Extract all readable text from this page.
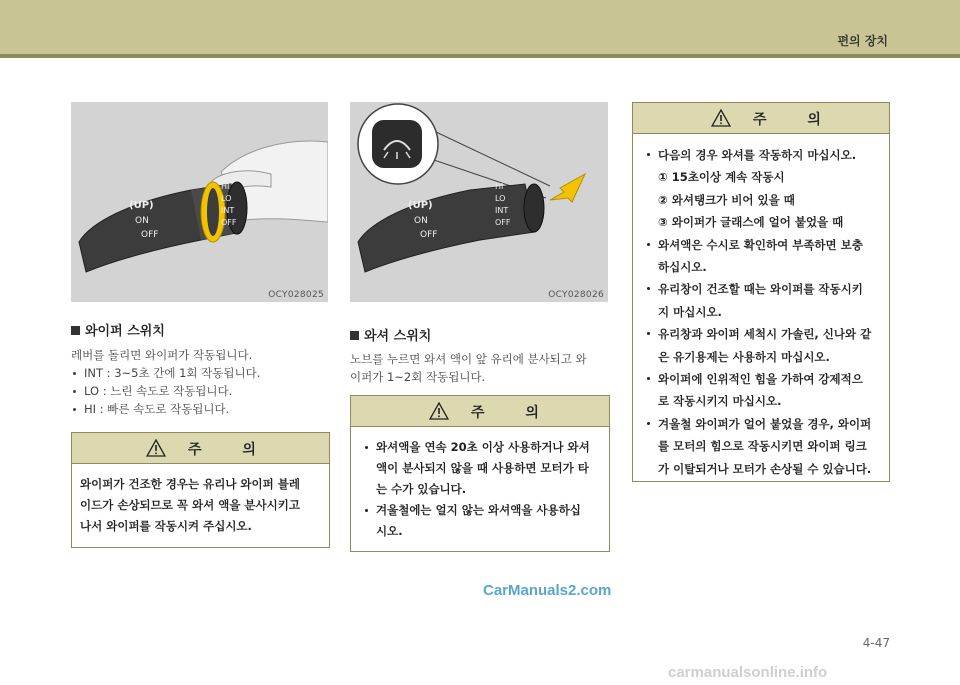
편의 장치
(UP)
ON
OFF
HI
LO
INT
OFF
OCY028025
(UP)
ON
OFF
HI
LO
INT
OFF
OCY028026
와이퍼 스위치

레버를 돌리면 와이퍼가 작동됩니다.

INT : 3~5초 간에 1회 작동됩니다.
LO : 느린 속도로 작동됩니다.
HI : 빠른 속도로 작동됩니다.
주 의

와이퍼가 건조한 경우는 유리나 와이퍼 블레

이드가 손상되므로 꼭 와셔 액을 분사시키고

나서 와이퍼를 작동시켜 주십시오.

와셔 스위치

노브를 누르면 와셔 액이 앞 유리에 분사되고 와

이퍼가 1~2회 작동됩니다.

주 의
와셔액을 연속 20초 이상 사용하거나 와셔
액이 분사되지 않을 때 사용하면 모터가 타
는 수가 있습니다.
겨울철에는 얼지 않는 와셔액을 사용하십
시오.
주 의
다음의 경우 와셔를 작동하지 마십시오.
① 15초이상 계속 작동시
② 와셔탱크가 비어 있을 때
③ 와이퍼가 글래스에 얼어 붙었을 때
와셔액은 수시로 확인하여 부족하면 보충
하십시오.
유리창이 건조할 때는 와이퍼를 작동시키
지 마십시오.
유리창과 와이퍼 세척시 가솔린, 신나와 같
은 유기용제는 사용하지 마십시오.
와이퍼에 인위적인 힘을 가하여 강제적으
로 작동시키지 마십시오.
겨울철 와이퍼가 얼어 붙었을 경우, 와이퍼
를 모터의 힘으로 작동시키면 와이퍼 링크
가 이탈되거나 모터가 손상될 수 있습니다.
CarManuals2.com
4-47
carmanualsonline.info
